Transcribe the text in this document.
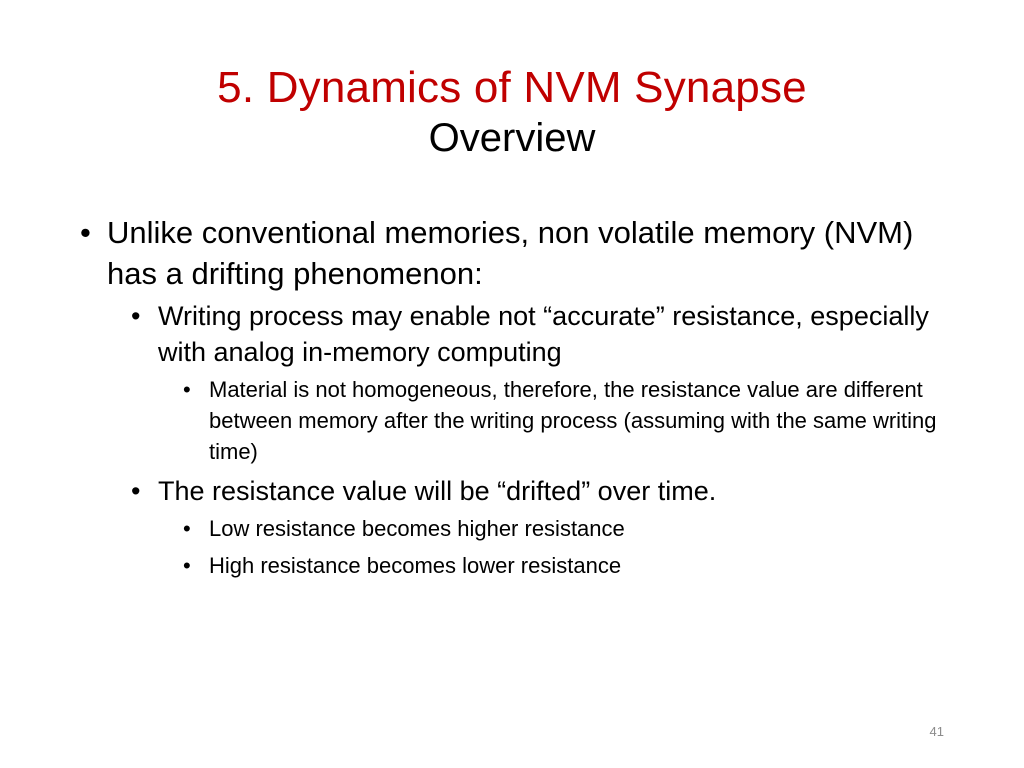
5. Dynamics of NVM Synapse
Overview
• Unlike conventional memories, non volatile memory (NVM) has a drifting phenomenon:
• Writing process may enable not “accurate” resistance, especially with analog in-memory computing
• Material is not homogeneous, therefore, the resistance value are different between memory after the writing process (assuming with the same writing time)
• The resistance value will be “drifted” over time.
• Low resistance becomes higher resistance
• High resistance becomes lower resistance
41
